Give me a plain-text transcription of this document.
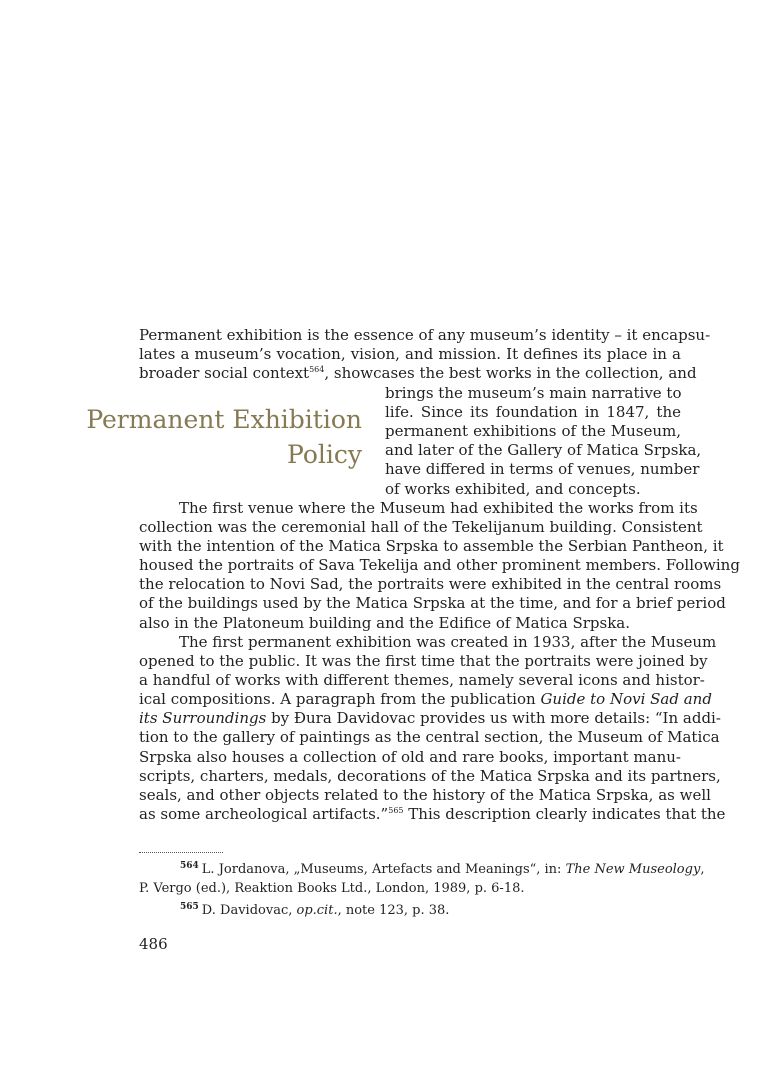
Permanent exhibition is the essence of any museum’s identity – it encapsu-
lates a museum’s vocation, vision, and mission. It defines its place in a
broader social context$^{564}$, showcases the best works in the collection, and
Permanent Exhibition
Policy
brings the museum’s main narrative to
life. Since its foundation in 1847, the
permanent exhibitions of the Museum,
and later of the Gallery of Matica Srpska,
have differed in terms of venues, number
of works exhibited, and concepts.
The first venue where the Museum had exhibited the works from its
collection was the ceremonial hall of the Tekelijanum building. Consistent
with the intention of the Matica Srpska to assemble the Serbian Pantheon, it
housed the portraits of Sava Tekelija and other prominent members. Following
the relocation to Novi Sad, the portraits were exhibited in the central rooms
of the buildings used by the Matica Srpska at the time, and for a brief period
also in the Platoneum building and the Edifice of Matica Srpska.
The first permanent exhibition was created in 1933, after the Museum
opened to the public. It was the first time that the portraits were joined by
a handful of works with different themes, namely several icons and histor-
ical compositions. A paragraph from the publication Guide to Novi Sad and
its Surroundings by Đura Davidovac provides us with more details: “In addi-
tion to the gallery of paintings as the central section, the Museum of Matica
Srpska also houses a collection of old and rare books, important manu-
scripts, charters, medals, decorations of the Matica Srpska and its partners,
seals, and other objects related to the history of the Matica Srpska, as well
as some archeological artifacts.”$^{565}$ This description clearly indicates that the
$^{564}$ L. Jordanova, „Museums, Artefacts and Meanings“, in: The New Museology,
P. Vergo (ed.), Reaktion Books Ltd., London, 1989, p. 6-18.
$^{565}$ D. Davidovac, op.cit., note 123, p. 38.
486
